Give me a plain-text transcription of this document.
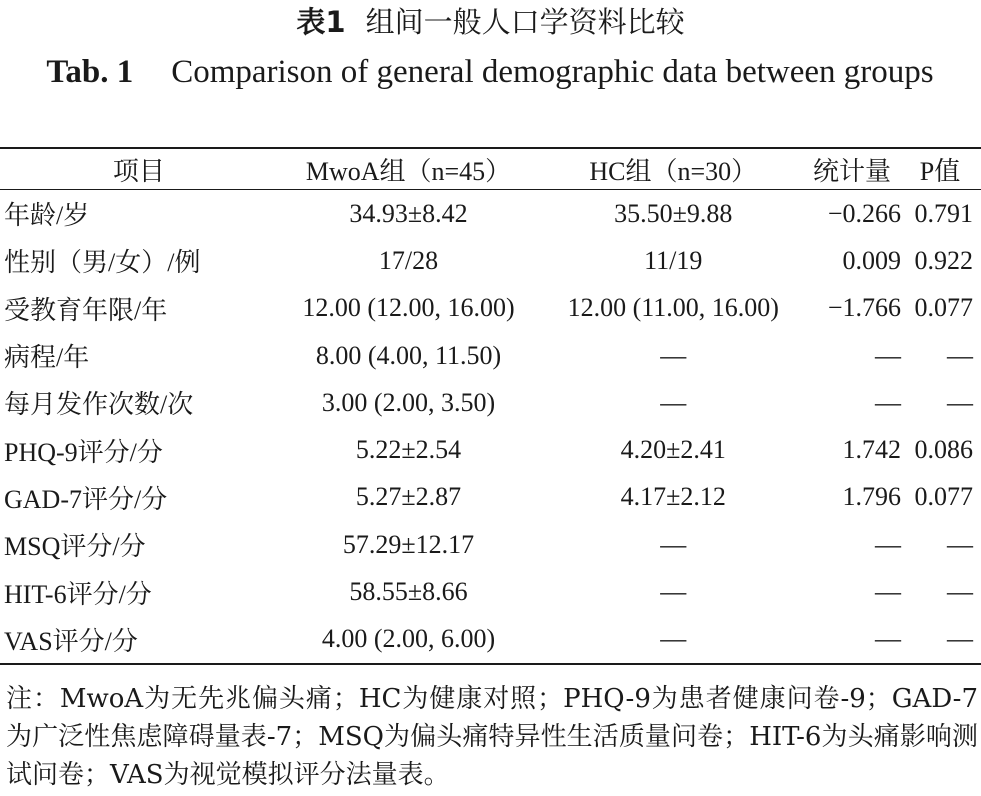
表1 组间一般人口学资料比较
Tab. 1 Comparison of general demographic data between groups
项目	MwoA组（n=45）	HC组（n=30）	统计量	P值
年龄/岁	34.93±8.42	35.50±9.88	−0.266	0.791
性别（男/女）/例	17/28	11/19	0.009	0.922
受教育年限/年	12.00 (12.00, 16.00)	12.00 (11.00, 16.00)	−1.766	0.077
病程/年	8.00 (4.00, 11.50)	—	—	—
每月发作次数/次	3.00 (2.00, 3.50)	—	—	—
PHQ-9评分/分	5.22±2.54	4.20±2.41	1.742	0.086
GAD-7评分/分	5.27±2.87	4.17±2.12	1.796	0.077
MSQ评分/分	57.29±12.17	—	—	—
HIT-6评分/分	58.55±8.66	—	—	—
VAS评分/分	4.00 (2.00, 6.00)	—	—	—
注：MwoA为无先兆偏头痛；HC为健康对照；PHQ-9为患者健康问卷-9；GAD-7为广泛性焦虑障碍量表-7；MSQ为偏头痛特异性生活质量问卷；HIT-6为头痛影响测试问卷；VAS为视觉模拟评分法量表。
